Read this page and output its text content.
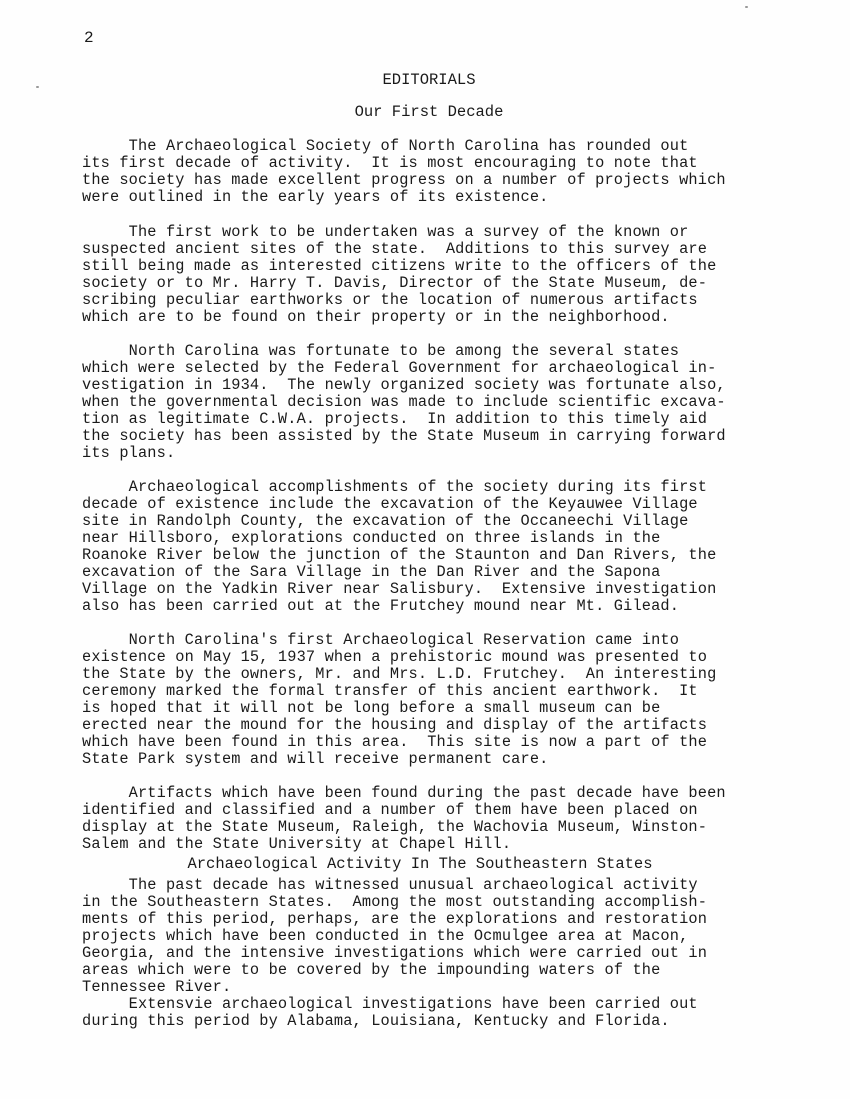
2
EDITORIALS
Our First Decade
The Archaeological Society of North Carolina has rounded out
its first decade of activity.  It is most encouraging to note that
the society has made excellent progress on a number of projects which
were outlined in the early years of its existence.
The first work to be undertaken was a survey of the known or
suspected ancient sites of the state.  Additions to this survey are
still being made as interested citizens write to the officers of the
society or to Mr. Harry T. Davis, Director of the State Museum, de-
scribing peculiar earthworks or the location of numerous artifacts
which are to be found on their property or in the neighborhood.
North Carolina was fortunate to be among the several states
which were selected by the Federal Government for archaeological in-
vestigation in 1934.  The newly organized society was fortunate also,
when the governmental decision was made to include scientific excava-
tion as legitimate C.W.A. projects.  In addition to this timely aid
the society has been assisted by the State Museum in carrying forward
its plans.
Archaeological accomplishments of the society during its first
decade of existence include the excavation of the Keyauwee Village
site in Randolph County, the excavation of the Occaneechi Village
near Hillsboro, explorations conducted on three islands in the
Roanoke River below the junction of the Staunton and Dan Rivers, the
excavation of the Sara Village in the Dan River and the Sapona
Village on the Yadkin River near Salisbury.  Extensive investigation
also has been carried out at the Frutchey mound near Mt. Gilead.
North Carolina's first Archaeological Reservation came into
existence on May 15, 1937 when a prehistoric mound was presented to
the State by the owners, Mr. and Mrs. L.D. Frutchey.  An interesting
ceremony marked the formal transfer of this ancient earthwork.  It
is hoped that it will not be long before a small museum can be
erected near the mound for the housing and display of the artifacts
which have been found in this area.  This site is now a part of the
State Park system and will receive permanent care.
Artifacts which have been found during the past decade have been
identified and classified and a number of them have been placed on
display at the State Museum, Raleigh, the Wachovia Museum, Winston-
Salem and the State University at Chapel Hill.
Archaeological Activity In The Southeastern States
The past decade has witnessed unusual archaeological activity
in the Southeastern States.  Among the most outstanding accomplish-
ments of this period, perhaps, are the explorations and restoration
projects which have been conducted in the Ocmulgee area at Macon,
Georgia, and the intensive investigations which were carried out in
areas which were to be covered by the impounding waters of the
Tennessee River.
Extensvie archaeological investigations have been carried out
during this period by Alabama, Louisiana, Kentucky and Florida.
